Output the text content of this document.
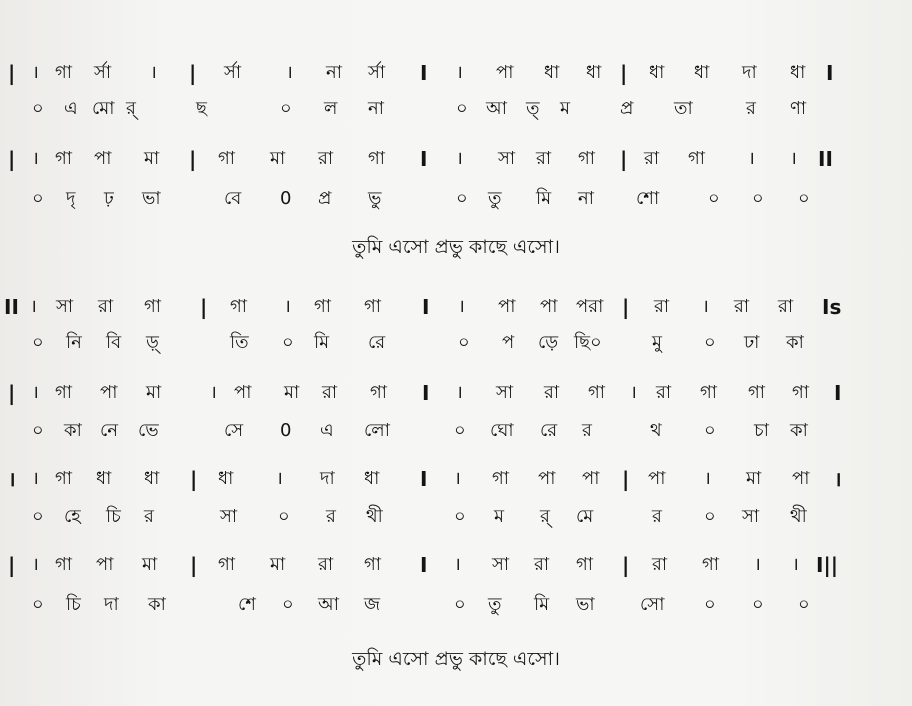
| । গা র্সা । | র্সা । না র্সা I । পা ধা ধা | ধা ধা দা ধা I
০ এ মো র্	ছ	০ ল না	০ আ ত্ ম	প্র তা	র ণা
| । গা পা মা | গা মা রা গা I । সা রা গা | রা গা । । II
০ দৃ ঢ় ভা	বে 0 প্র ভু	০ তু মি না শো	০ ০ ০
তুমি এসো প্রভু কাছে এসো।
II । সা রা গা | গা । গা গা I । পা পা পরা | রা । রা রা Is
০ নি বি ড়্	তি ০ মি রে	০ প ড়ে ছি০	মু ০ ঢা কা
| । গা পা মা	। পা মা রা গা I । সা রা গা । রা গা গা গা I
০ কা নে ভে	সে 0 এ লো	০ ঘো রে র	থ ০ চা কা
। । গা ধা ধা | ধা । দা ধা I । গা পা পা | পা । মা পা ।
০ হে চি র	সা ০ র থী	০ ম র্ মে	র ০ সা থী
| । গা পা মা | গা মা রা গা I । সা রা গা | রা গা । । I||
০ চি দা কা	শে ০ আ জ	০ তু মি ভা	সো ০ ০ ০
তুমি এসো প্রভু কাছে এসো।
